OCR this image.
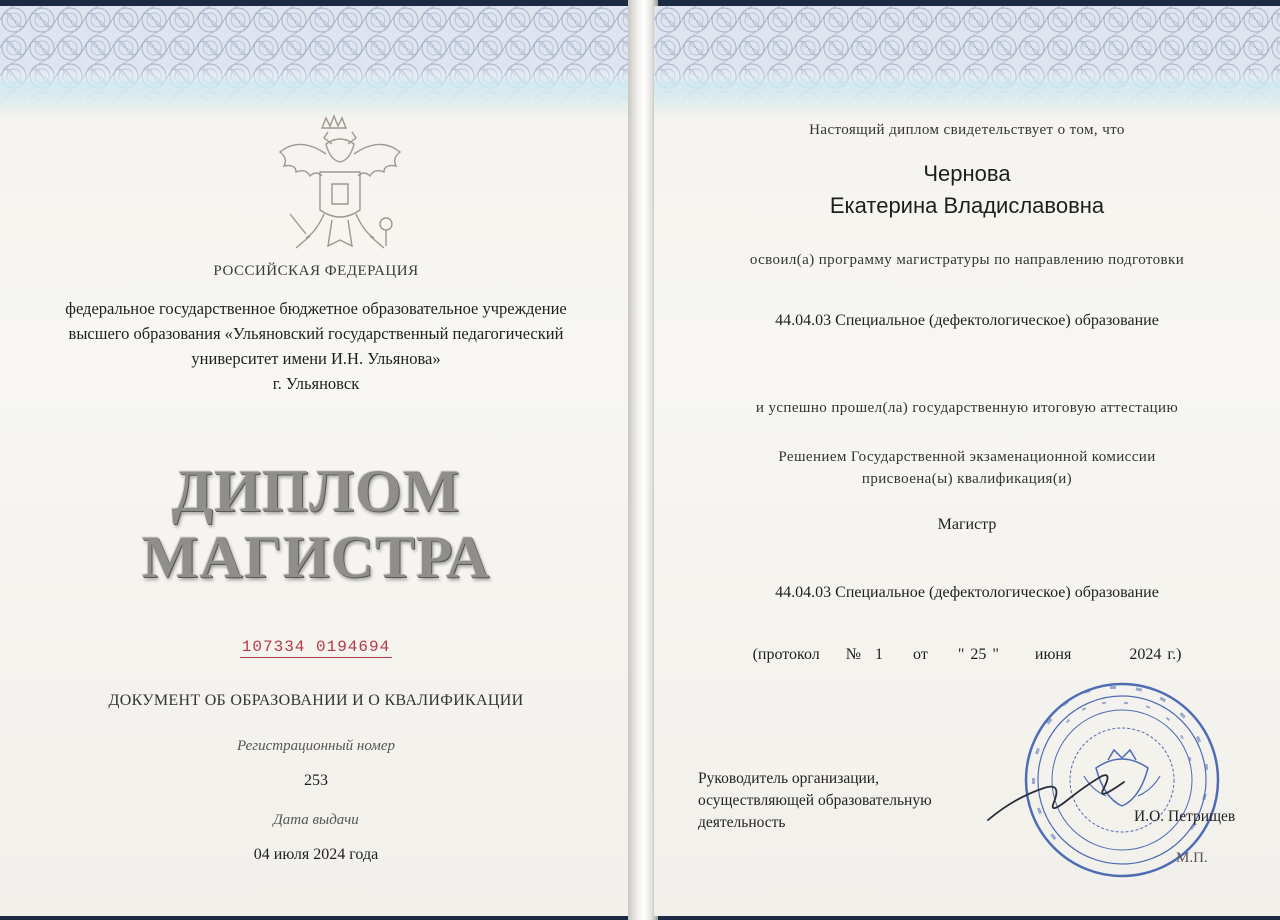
РОССИЙСКАЯ ФЕДЕРАЦИЯ
федеральное государственное бюджетное образовательное учреждение
высшего образования «Ульяновский государственный педагогический
университет имени И.Н. Ульянова»
г. Ульяновск
ДИПЛОМ
МАГИСТРА
107334 0194694
ДОКУМЕНТ ОБ ОБРАЗОВАНИИ И О КВАЛИФИКАЦИИ
Регистрационный номер
253
Дата выдачи
04 июля 2024 года
Настоящий диплом свидетельствует о том, что
Чернова
Екатерина Владиславовна
освоил(а) программу магистратуры по направлению подготовки
44.04.03 Специальное (дефектологическое) образование
и успешно прошел(ла) государственную итоговую аттестацию
Решением Государственной экзаменационной комиссии
присвоена(ы) квалификация(и)
Магистр
44.04.03 Специальное (дефектологическое) образование
(протокол № 1 от " 25 " июня	2024 г.)
Руководитель организации,
осуществляющей образовательную
деятельность	И.О. Петрищев
М.П.
